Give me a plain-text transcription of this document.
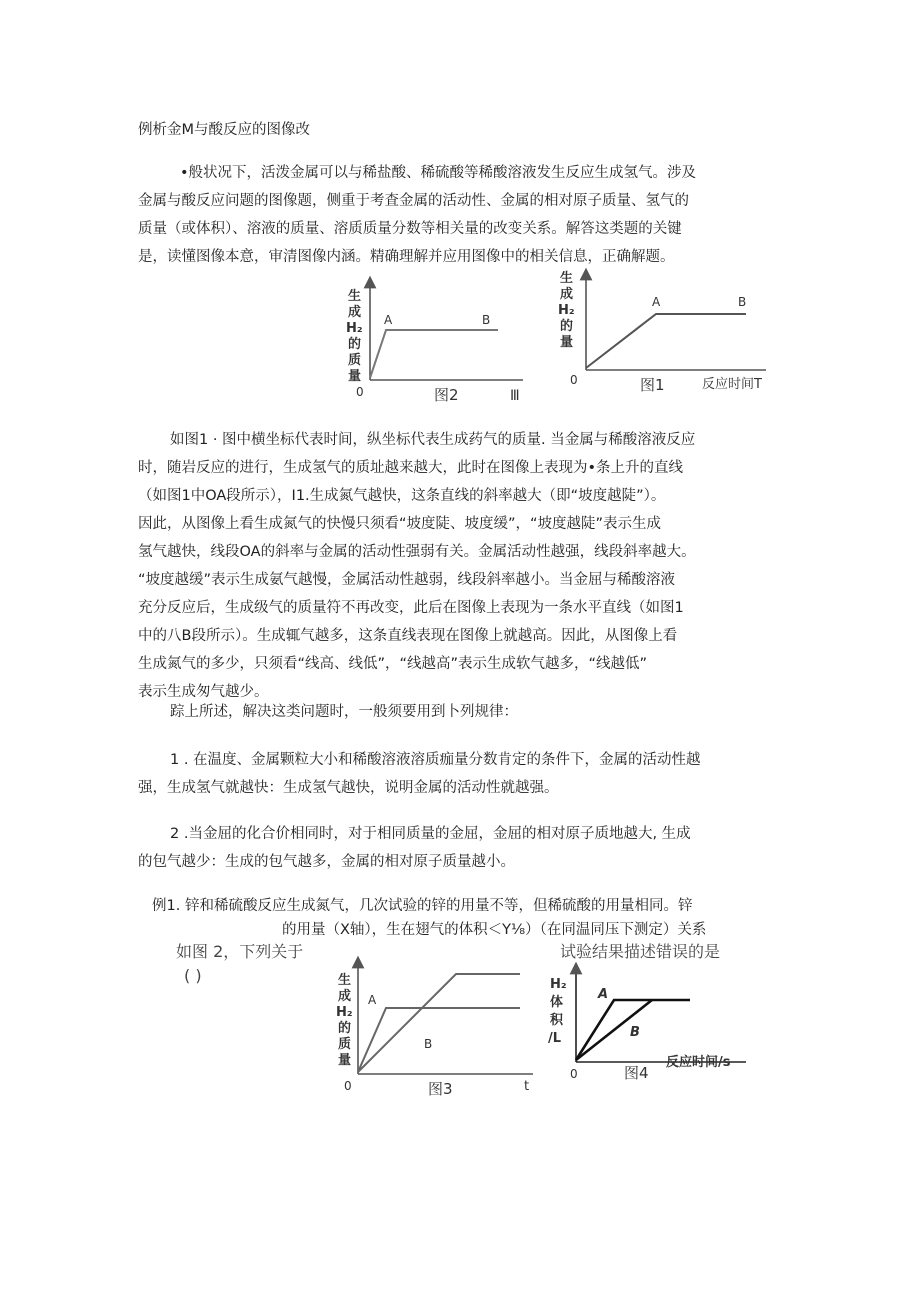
例析金M与酸反应的图像改
•般状况下，活泼金属可以与稀盐酸、稀硫酸等稀酸溶液发生反应生成氢气。涉及
金属与酸反应问题的图像题，侧重于考査金属的活动性、金属的相对原子质量、氢气的
质量（或体积）、溶液的质量、溶质质量分数等相关量的改变关系。解答这类题的关键
是，读懂图像本意，审清图像内涵。精确理解并应用图像中的相关信息，正确解题。
生
成
H₂
的
质
量
0
A	B
图2	Ⅲ
生
成
H₂
的
量
0
A	B
图1	反应时间T
如图1 · 图中横坐标代表时间，纵坐标代表生成药气的质量. 当金属与稀酸溶液反应
时，随岩反应的进行，生成氢气的质址越来越大，此时在图像上表现为•条上升的直线
（如图1中OA段所示），I1.生成氮气越快，这条直线的斜率越大（即“坡度越陡”）。
因此，从图像上看生成氮气的快慢只须看“坡度陡、坡度缓”，“坡度越陡”表示生成
氢气越快，线段OA的斜率与金属的活动性强弱有关。金属活动性越强，线段斜率越大。
“坡度越缓”表示生成氨气越慢，金属活动性越弱，线段斜率越小。当金屈与稀酸溶液
充分反应后，生成级气的质量符不再改变，此后在图像上表现为一条水平直线（如图1
中的八B段所示）。生成辄气越多，这条直线表现在图像上就越高。因此，从图像上看
生成氮气的多少，只须看“线高、线低”，“线越高”表示生成软气越多，“线越低”
表示生成匆气越少。
踪上所述，解决这类问题时，一般须要用到卜列规律：
1 . 在温度、金属颗粒大小和稀酸溶液溶质痂量分数肯定的条件下，金属的活动性越
强，生成氢气就越快：生成氢气越快，说明金属的活动性就越强。
2 .当金屈的化合价相同时，对于相同质量的金屈，金屈的相对原子质地越大, 生成
的包气越少：生成的包气越多，金属的相对原子质量越小。
例1. 锌和稀硫酸反应生成氮气，几次试验的锌的用量不等，但稀硫酸的用量相同。锌
的用量（X轴），生在翅气的体积＜Y⅛）（在同温同压下测定）关系
如图 2，下列关于
( )
试验结果描述错误的是
生
成
H₂
的
质
量
0
A
B
图3	t
H₂
体
积
/L
0
A
B
图4
反应时间/s
